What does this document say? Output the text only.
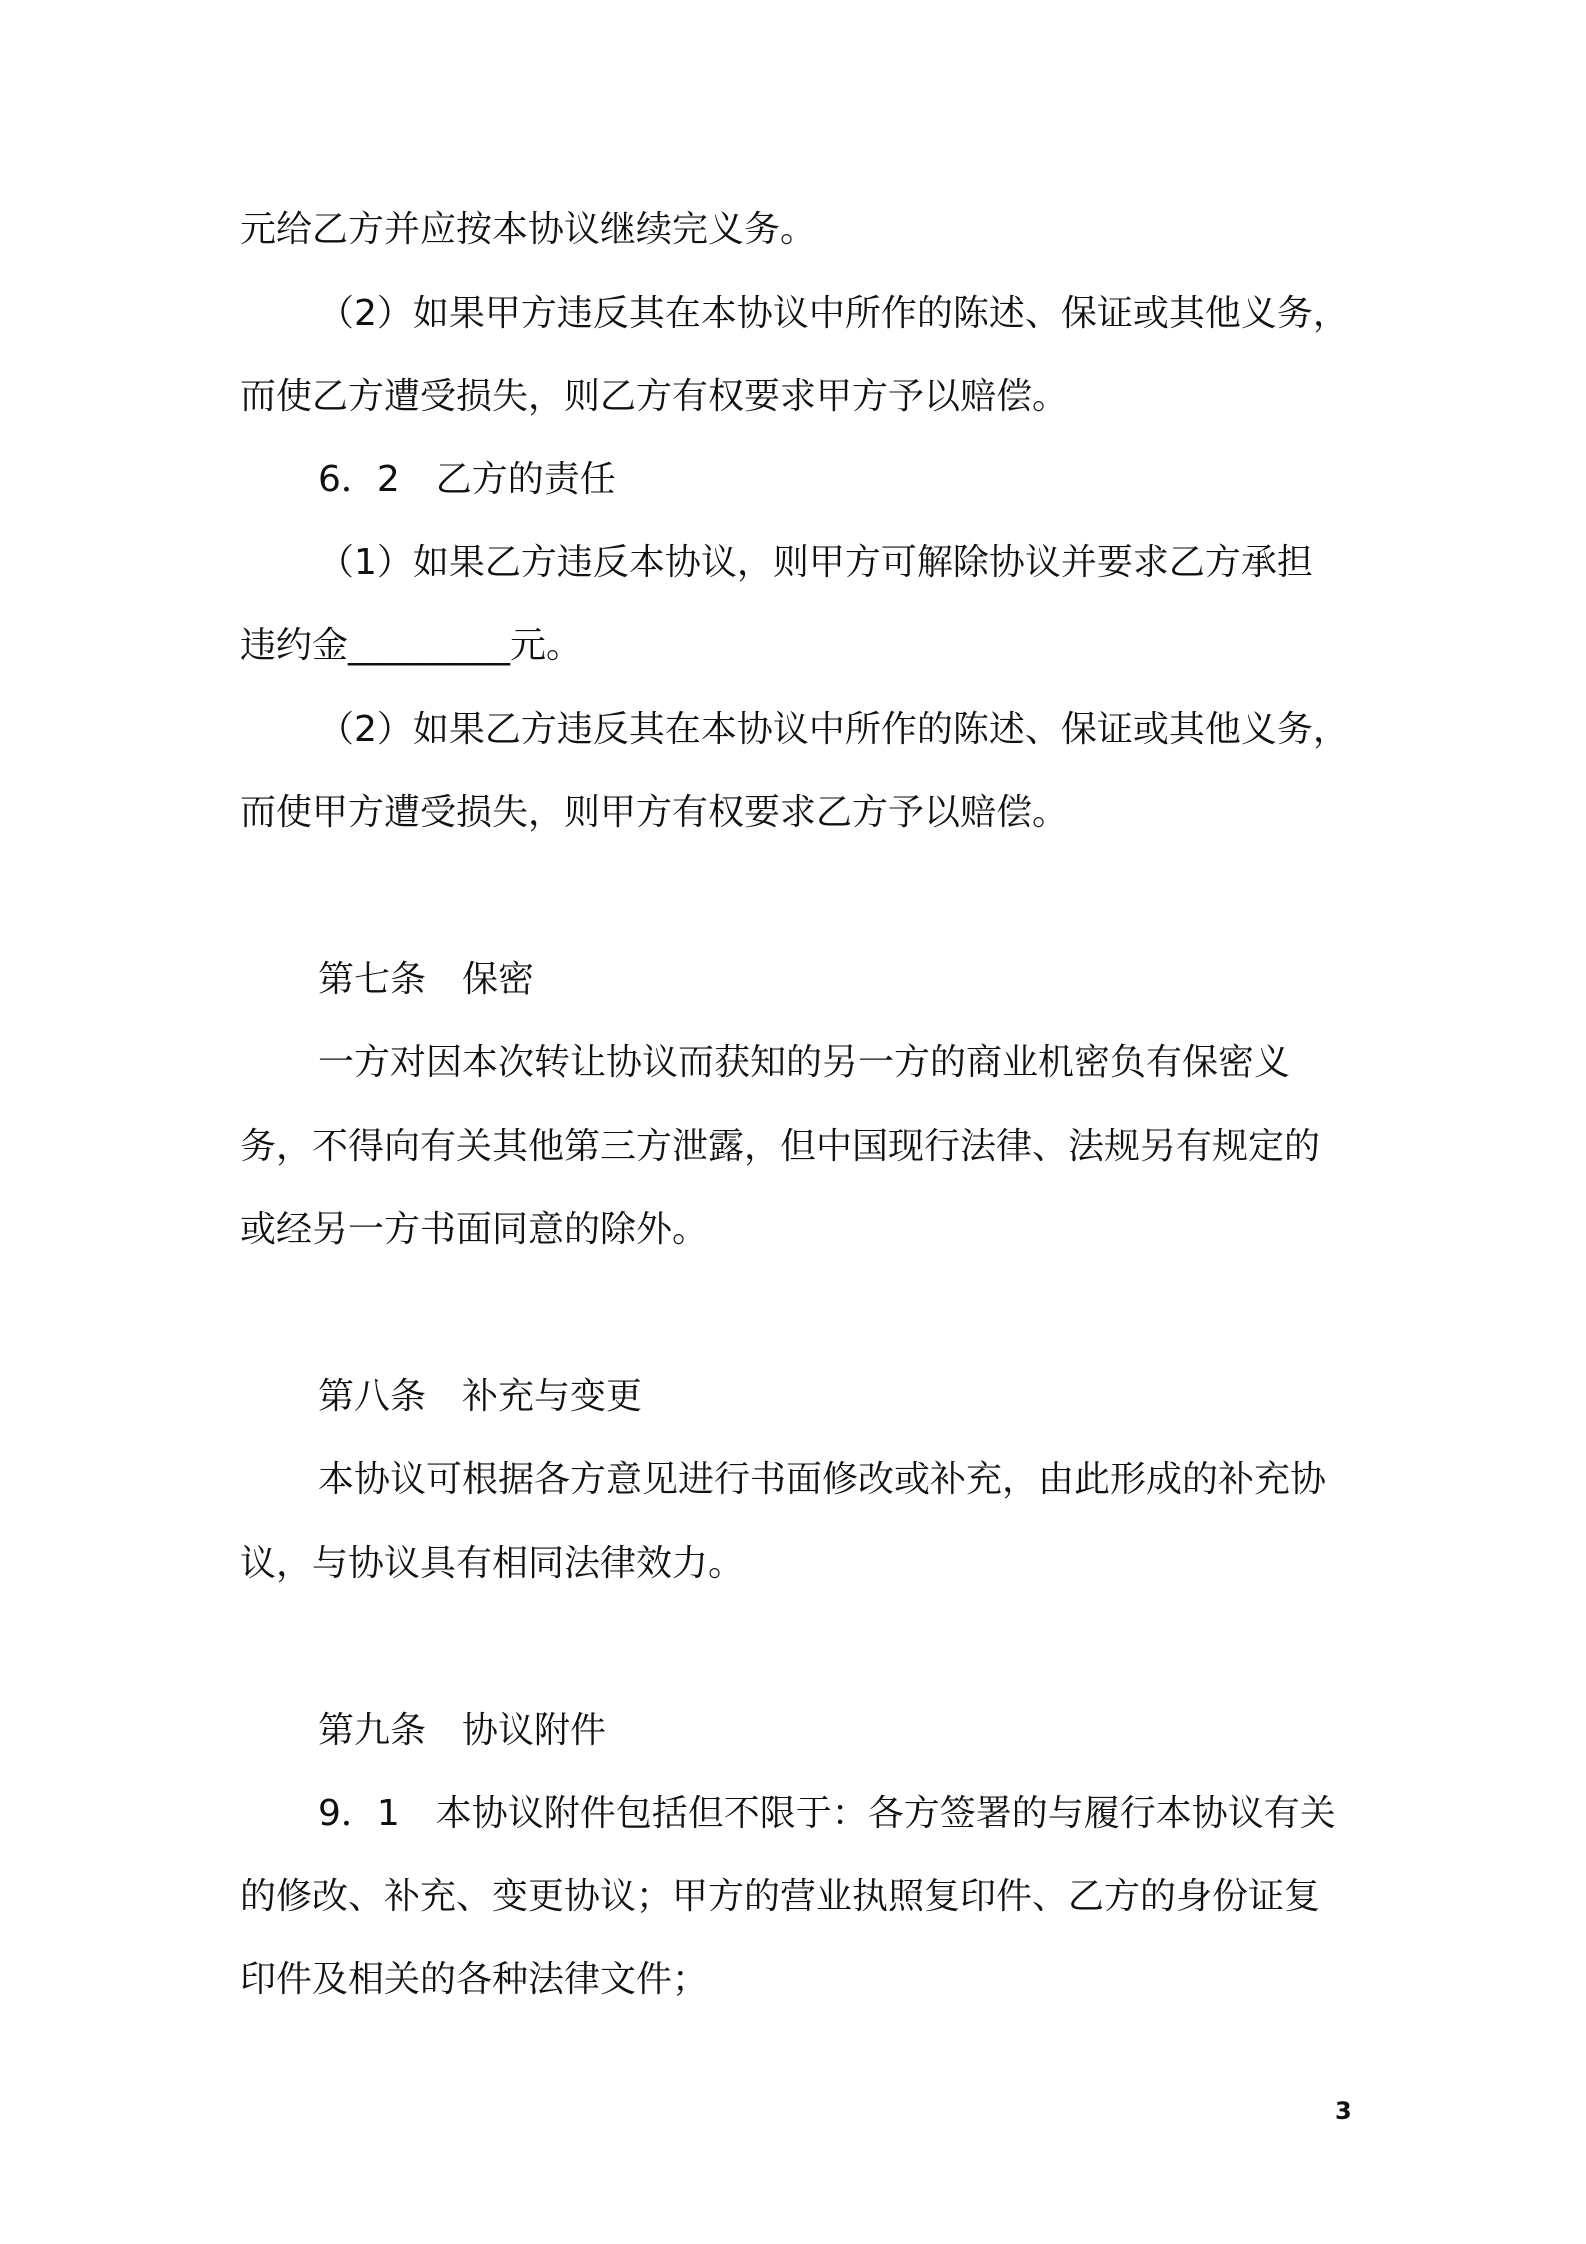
元给乙方并应按本协议继续完义务。
（2）如果甲方违反其在本协议中所作的陈述、保证或其他义务，
而使乙方遭受损失，则乙方有权要求甲方予以赔偿。
6．2　乙方的责任
（1）如果乙方违反本协议，则甲方可解除协议并要求乙方承担
违约金_________元。
（2）如果乙方违反其在本协议中所作的陈述、保证或其他义务，
而使甲方遭受损失，则甲方有权要求乙方予以赔偿。
第七条　保密
一方对因本次转让协议而获知的另一方的商业机密负有保密义
务，不得向有关其他第三方泄露，但中国现行法律、法规另有规定的
或经另一方书面同意的除外。
第八条　补充与变更
本协议可根据各方意见进行书面修改或补充，由此形成的补充协
议，与协议具有相同法律效力。
第九条　协议附件
9．1　本协议附件包括但不限于：各方签署的与履行本协议有关
的修改、补充、变更协议；甲方的营业执照复印件、乙方的身份证复
印件及相关的各种法律文件；
3
